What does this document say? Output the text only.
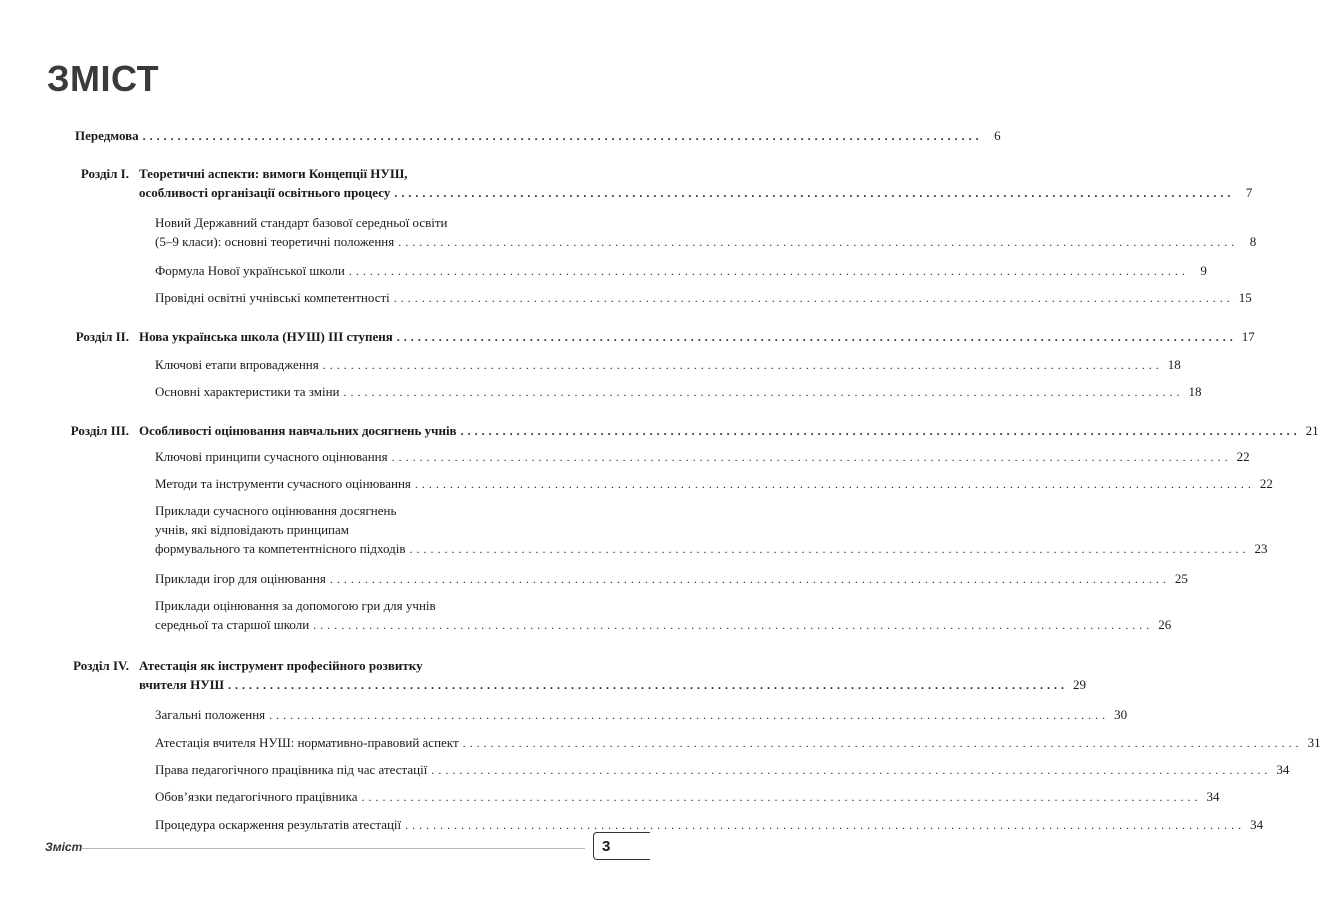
ЗМІСТ
Передмова ........................................................................................................................ 6
Розділ I. Теоретичні аспекти: вимоги Концепції НУШ,
особливості організації освітнього процесу ........................................................................................................................ 7
Новий Державний стандарт базової середньої освіти
(5–9 класи): основні теоретичні положення ........................................................................................................................ 8
Формула Нової української школи ........................................................................................................................ 9
Провідні освітні учнівські компетентності ........................................................................................................................ 15
Розділ II. Нова українська школа (НУШ) ІІІ ступеня ........................................................................................................................ 17
Ключові етапи впровадження ........................................................................................................................ 18
Основні характеристики та зміни ........................................................................................................................ 18
Розділ III. Особливості оцінювання навчальних досягнень учнів ........................................................................................................................ 21
Ключові принципи сучасного оцінювання ........................................................................................................................ 22
Методи та інструменти сучасного оцінювання ........................................................................................................................ 22
Приклади сучасного оцінювання досягнень
учнів, які відповідають принципам
формувального та компетентнісного підходів ........................................................................................................................ 23
Приклади ігор для оцінювання ........................................................................................................................ 25
Приклади оцінювання за допомогою гри для учнів
середньої та старшої школи ........................................................................................................................ 26
Розділ IV. Атестація як інструмент професійного розвитку
вчителя НУШ ........................................................................................................................ 29
Загальні положення ........................................................................................................................ 30
Атестація вчителя НУШ: нормативно-правовий аспект ........................................................................................................................ 31
Права педагогічного працівника під час атестації ........................................................................................................................ 34
Обов’язки педагогічного працівника ........................................................................................................................ 34
Процедура оскарження результатів атестації ........................................................................................................................ 34
Зміст	3
